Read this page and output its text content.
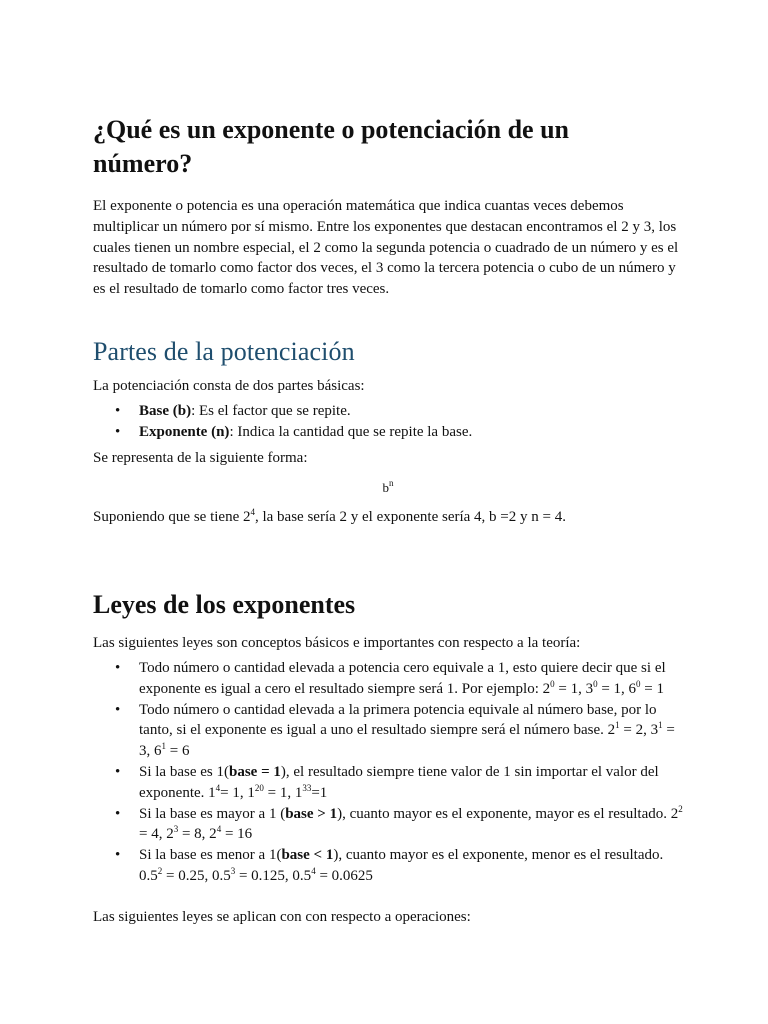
¿Qué es un exponente o potenciación de un número?

El exponente o potencia es una operación matemática que indica cuantas veces debemos multiplicar un número por sí mismo. Entre los exponentes que destacan encontramos el 2 y 3, los cuales tienen un nombre especial, el 2 como la segunda potencia o cuadrado de un número y es el resultado de tomarlo como factor dos veces, el 3 como la tercera potencia o cubo de un número y es el resultado de tomarlo como factor tres veces.

Partes de la potenciación

La potenciación consta de dos partes básicas:

• Base (b): Es el factor que se repite.
• Exponente (n): Indica la cantidad que se repite la base.

Se representa de la siguiente forma:

$b^n$

Suponiendo que se tiene $2^4$, la base sería 2 y el exponente sería 4, b =2 y n = 4.

Leyes de los exponentes

Las siguientes leyes son conceptos básicos e importantes con respecto a la teoría:

• Todo número o cantidad elevada a potencia cero equivale a 1, esto quiere decir que si el exponente es igual a cero el resultado siempre será 1. Por ejemplo: $2^0 = 1$, $3^0 = 1$, $6^0 = 1$
• Todo número o cantidad elevada a la primera potencia equivale al número base, por lo tanto, si el exponente es igual a uno el resultado siempre será el número base. $2^1 = 2$, $3^1 = 3$, $6^1 = 6$
• Si la base es 1(base = 1), el resultado siempre tiene valor de 1 sin importar el valor del exponente. $1^4= 1$, $1^{20} = 1$, $1^{33}=1$
• Si la base es mayor a 1 (base > 1), cuanto mayor es el exponente, mayor es el resultado. $2^2 = 4$, $2^3 = 8$, $2^4 = 16$
• Si la base es menor a 1(base < 1), cuanto mayor es el exponente, menor es el resultado. $0.5^2 = 0.25$, $0.5^3 = 0.125$, $0.5^4 = 0.0625$

Las siguientes leyes se aplican con con respecto a operaciones:
